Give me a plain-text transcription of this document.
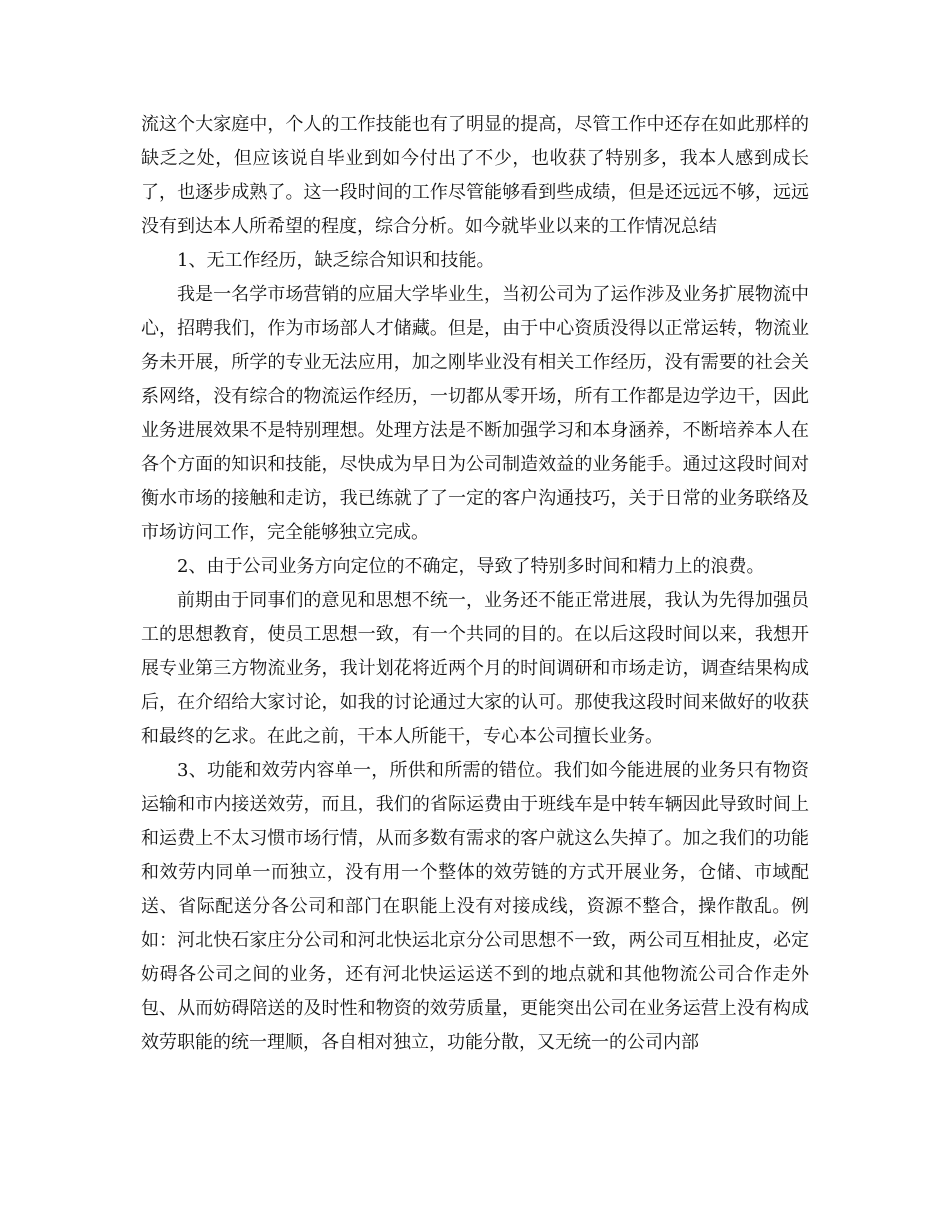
流这个大家庭中，个人的工作技能也有了明显的提高，尽管工作中还存在如此那样的缺乏之处，但应该说自毕业到如今付出了不少，也收获了特别多，我本人感到成长了，也逐步成熟了。这一段时间的工作尽管能够看到些成绩，但是还远远不够，远远没有到达本人所希望的程度，综合分析。如今就毕业以来的工作情况总结

1、无工作经历，缺乏综合知识和技能。

我是一名学市场营销的应届大学毕业生，当初公司为了运作涉及业务扩展物流中心，招聘我们，作为市场部人才储藏。但是，由于中心资质没得以正常运转，物流业务未开展，所学的专业无法应用，加之刚毕业没有相关工作经历，没有需要的社会关系网络，没有综合的物流运作经历，一切都从零开场，所有工作都是边学边干，因此业务进展效果不是特别理想。处理方法是不断加强学习和本身涵养，不断培养本人在各个方面的知识和技能，尽快成为早日为公司制造效益的业务能手。通过这段时间对衡水市场的接触和走访，我已练就了了一定的客户沟通技巧，关于日常的业务联络及市场访问工作，完全能够独立完成。

2、由于公司业务方向定位的不确定，导致了特别多时间和精力上的浪费。

前期由于同事们的意见和思想不统一，业务还不能正常进展，我认为先得加强员工的思想教育，使员工思想一致，有一个共同的目的。在以后这段时间以来，我想开展专业第三方物流业务，我计划花将近两个月的时间调研和市场走访，调查结果构成后，在介绍给大家讨论，如我的讨论通过大家的认可。那使我这段时间来做好的收获和最终的乞求。在此之前，干本人所能干，专心本公司擅长业务。

3、功能和效劳内容单一，所供和所需的错位。我们如今能进展的业务只有物资运输和市内接送效劳，而且，我们的省际运费由于班线车是中转车辆因此导致时间上和运费上不太习惯市场行情，从而多数有需求的客户就这么失掉了。加之我们的功能和效劳内同单一而独立，没有用一个整体的效劳链的方式开展业务，仓储、市域配送、省际配送分各公司和部门在职能上没有对接成线，资源不整合，操作散乱。例如：河北快石家庄分公司和河北快运北京分公司思想不一致，两公司互相扯皮，必定妨碍各公司之间的业务，还有河北快运运送不到的地点就和其他物流公司合作走外包、从而妨碍陪送的及时性和物资的效劳质量，更能突出公司在业务运营上没有构成效劳职能的统一理顺，各自相对独立，功能分散，又无统一的公司内部
